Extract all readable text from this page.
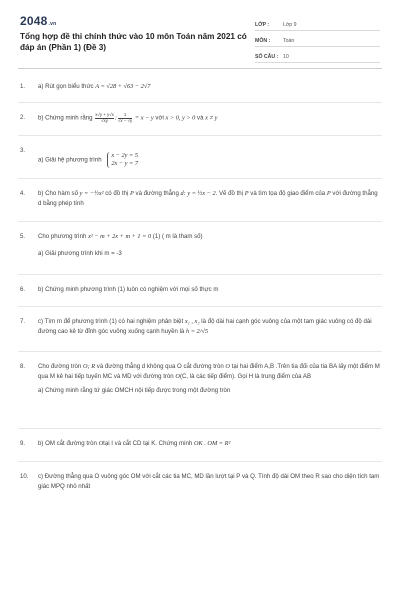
2048.vn
Tổng hợp đề thi chính thức vào 10 môn Toán năm 2021 có đáp án (Phần 1) (Đề 3)
LỚP :	Lớp 9
MÔN :	Toán
SỐ CÂU : 10
1.	a) Rút gọn biểu thức A = √28 + √63 − 2√7
2.	b) Chứng minh rằng $\frac{x√y + y√x}{√xy}$ : $\frac{1}{√x - √y} = x - y$ với x > 0, y > 0 và x ≠ y
3.
a) Giải hệ phương trình
x − 2y = 5
2x − y = 7
4.	b) Cho hàm số y = −½x² có đồ thị P và đường thẳng d: y = ½x − 2. Vẽ đồ thị P và tìm tọa độ giao điểm của P với đường thẳng d bằng phép tính
5.	Cho phương trình x² − m + 2x + m + 1 = 0 (1) ( m là tham số)
a) Giải phương trình khi m = -3
6.	b) Chứng minh phương trình (1) luôn có nghiệm với mọi số thực m
7.	c) Tìm m để phương trình (1) có hai nghiệm phân biệt x₁ , x₂ là độ dài hai cạnh góc vuông của một tam giác vuông có độ dài đường cao kẻ từ đỉnh góc vuông xuống cạnh huyền là h = 2/√5
8.	Cho đường tròn O; R và đường thẳng d không qua O cắt đường tròn O tại hai điểm A,B .Trên tia đối của tia BA lấy một điểm M qua M kẻ hai tiếp tuyến MC và MD với đường tròn O(C, là các tiếp điểm). Gọi H là trung điểm của AB
a) Chứng minh rằng tứ giác OMCH nội tiếp được trong một đường tròn
9.	b) OM cắt đường tròn Otại I và cắt CD tại K. Chứng minh OK . OM = R²
10.	c) Đường thẳng qua O vuông góc OM với cắt các tia MC, MD lần lượt tại P và Q. Tính độ dài OM theo R sao cho diện tích tam giác MPQ nhỏ nhất
